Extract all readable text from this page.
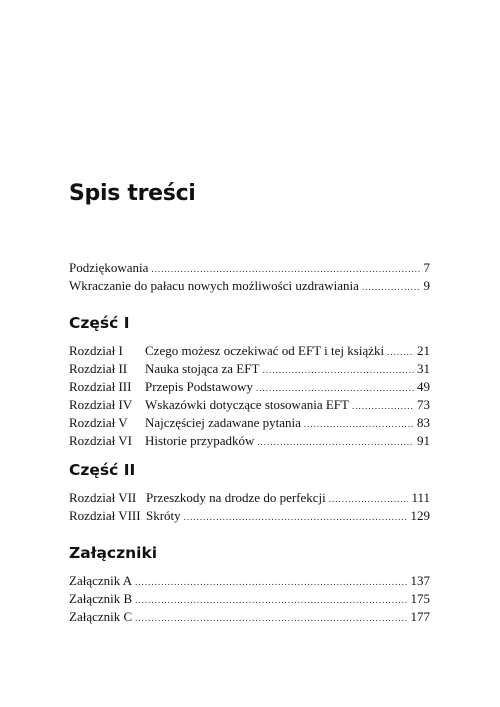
Spis treści
Podziękowania .....	7
Wkraczanie do pałacu nowych możliwości uzdrawiania .....	9
Część I
Rozdział I	Czego możesz oczekiwać od EFT i tej książki .....	21
Rozdział II	Nauka stojąca za EFT .....	31
Rozdział III	Przepis Podstawowy .....	49
Rozdział IV Wskazówki dotyczące stosowania EFT .....	73
Rozdział V	Najczęściej zadawane pytania .....	83
Rozdział VI	Historie przypadków .....	91
Część II
Rozdział VII Przeszkody na drodze do perfekcji .....	111
Rozdział VIII Skróty .....	129
Załączniki
Załącznik A .....	137
Załącznik B .....	175
Załącznik C .....	177
